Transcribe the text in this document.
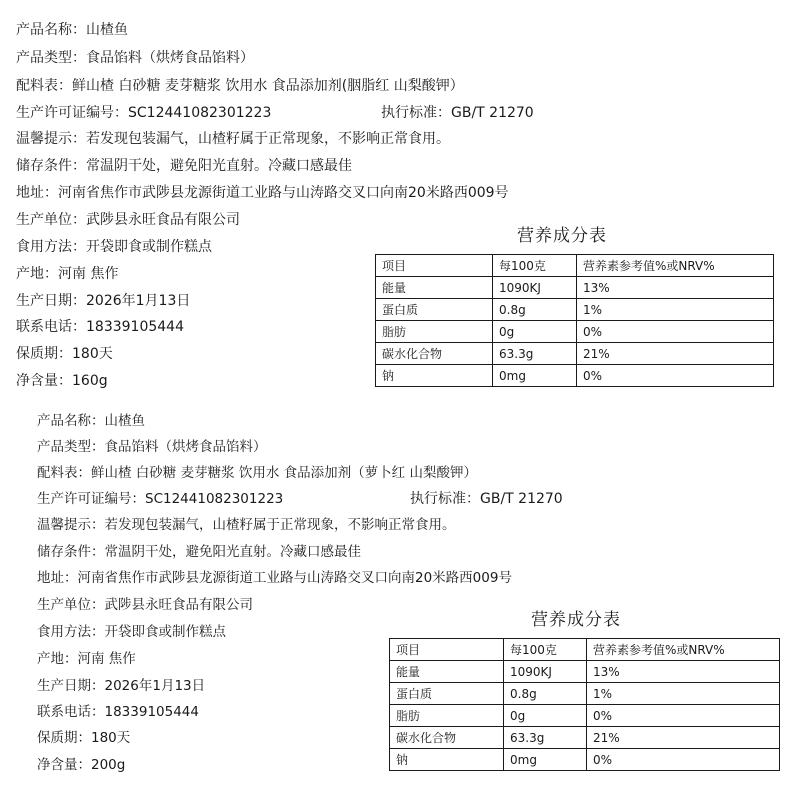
产品名称：山楂鱼
产品类型：食品馅料（烘烤食品馅料）
配料表：鲜山楂 白砂糖 麦芽糖浆 饮用水 食品添加剂(胭脂红 山梨酸钾）
生产许可证编号：SC12441082301223	执行标准：GB/T 21270
温馨提示：若发现包装漏气，山楂籽属于正常现象，不影响正常食用。
储存条件：常温阴干处，避免阳光直射。冷藏口感最佳
地址：河南省焦作市武陟县龙源街道工业路与山涛路交叉口向南20米路西009号
生产单位：武陟县永旺食品有限公司
食用方法：开袋即食或制作糕点
产地：河南 焦作
生产日期：2026年1月13日
联系电话：18339105444
保质期：180天
净含量：160g
营养成分表
项目	每100克	营养素参考值%或NRV%
能量	1090KJ	13%
蛋白质	0.8g	1%
脂肪	0g	0%
碳水化合物	63.3g	21%
钠	0mg	0%
产品名称：山楂鱼
产品类型：食品馅料（烘烤食品馅料）
配料表：鲜山楂 白砂糖 麦芽糖浆 饮用水 食品添加剂（萝卜红 山梨酸钾）
生产许可证编号：SC12441082301223	执行标准：GB/T 21270
温馨提示：若发现包装漏气，山楂籽属于正常现象，不影响正常食用。
储存条件：常温阴干处，避免阳光直射。冷藏口感最佳
地址：河南省焦作市武陟县龙源街道工业路与山涛路交叉口向南20米路西009号
生产单位：武陟县永旺食品有限公司
食用方法：开袋即食或制作糕点
产地：河南 焦作
生产日期：2026年1月13日
联系电话：18339105444
保质期：180天
净含量：200g
营养成分表
项目	每100克	营养素参考值%或NRV%
能量	1090KJ	13%
蛋白质	0.8g	1%
脂肪	0g	0%
碳水化合物	63.3g	21%
钠	0mg	0%
